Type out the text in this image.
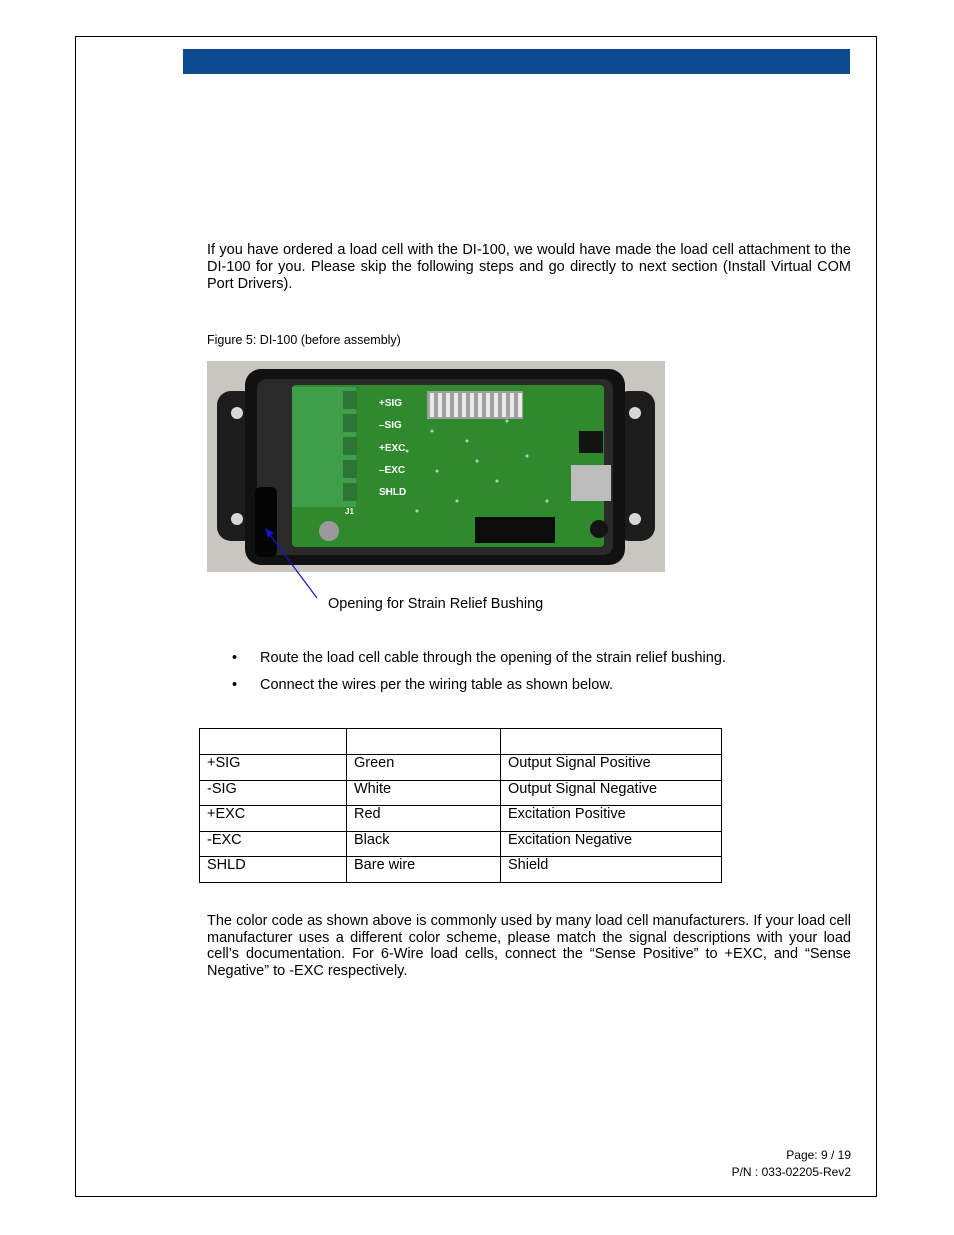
If you have ordered a load cell with the DI-100, we would have made the load cell attachment to the DI-100 for you. Please skip the following steps and go directly to next section (Install Virtual COM Port Drivers).

Figure 5: DI-100 (before assembly)

+SIG
–SIG
+EXC
–EXC
SHLD
J1
Opening for Strain Relief Bushing
• Route the load cell cable through the opening of the strain relief bushing.
• Connect the wires per the wiring table as shown below.

+SIG	Green	Output Signal Positive
-SIG	White	Output Signal Negative
+EXC	Red	Excitation Positive
-EXC	Black	Excitation Negative
SHLD	Bare wire	Shield

The color code as shown above is commonly used by many load cell manufacturers. If your load cell manufacturer uses a different color scheme, please match the signal descriptions with your load cell’s documentation. For 6-Wire load cells, connect the “Sense Positive” to +EXC, and “Sense Negative” to -EXC respectively.

Page: 9 / 19
P/N : 033-02205-Rev2
